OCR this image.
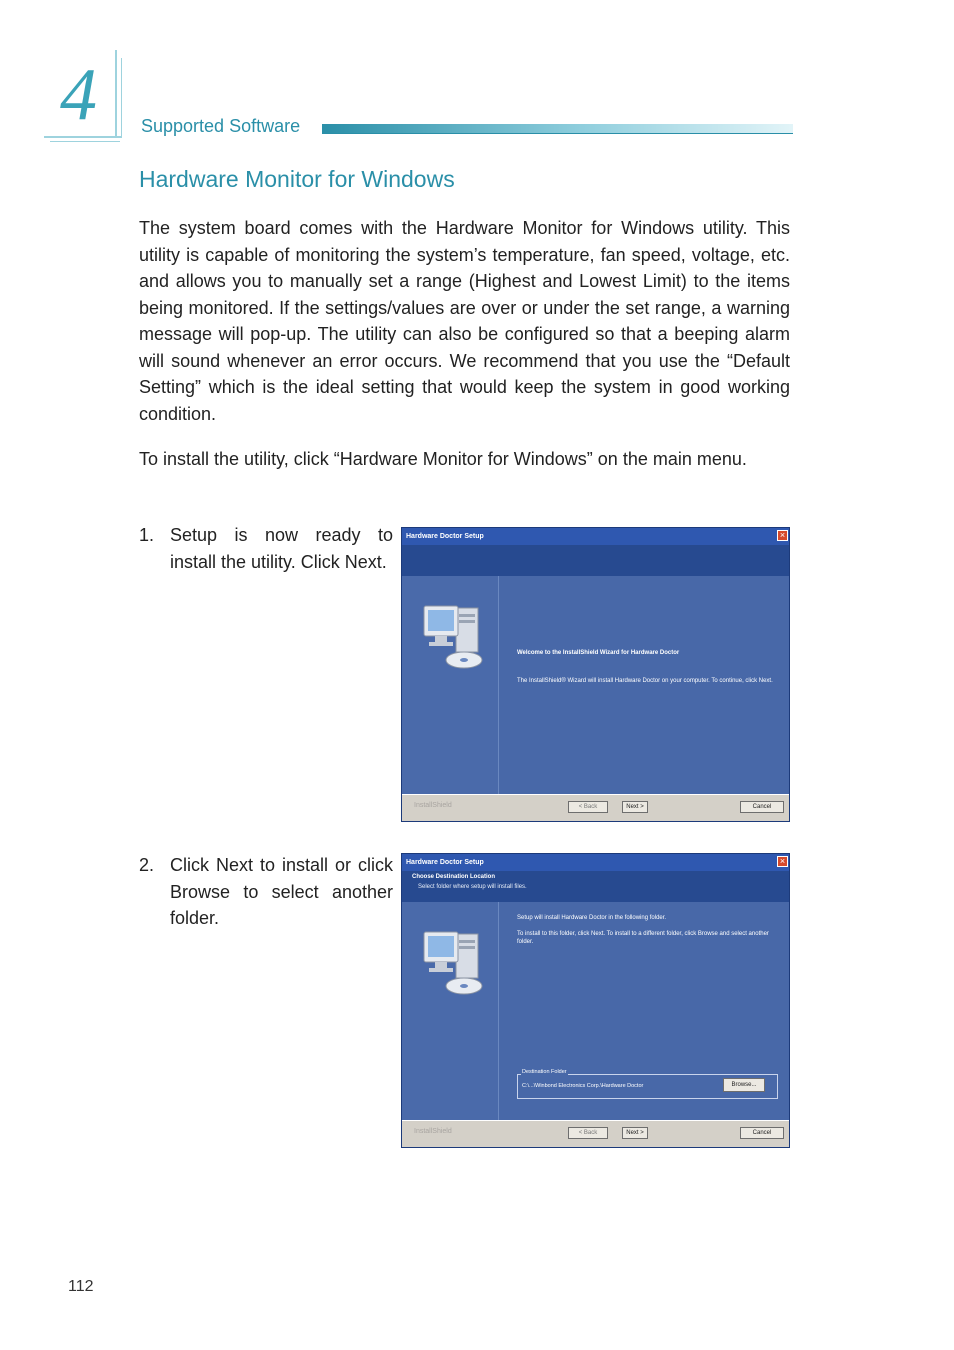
4 Supported Software
Hardware Monitor for Windows

The system board comes with the Hardware Monitor for Windows utility. This utility is capable of monitoring the system’s temperature, fan speed, voltage, etc. and allows you to manually set a range (Highest and Lowest Limit) to the items being monitored. If the settings/values are over or under the set range, a warning message will pop-up. The utility can also be configured so that a beeping alarm will sound whenever an error occurs. We recommend that you use the “Default Setting” which is the ideal setting that would keep the system in good working condition.

To install the utility, click “Hardware Monitor for Windows” on the main menu.

1. Setup is now ready to install the utility. Click Next.
Hardware Doctor Setup	×
Welcome to the InstallShield Wizard for Hardware Doctor
The InstallShield® Wizard will install Hardware Doctor on your computer. To continue, click Next.
InstallShield	< Back	Next >	Cancel
2. Click Next to install or click Browse to select another folder.
Hardware Doctor Setup	×
Choose Destination Location
Select folder where setup will install files.
Setup will install Hardware Doctor in the following folder.
To install to this folder, click Next. To install to a different folder, click Browse and select another folder.
Destination Folder
C:\...\Winbond Electronics Corp.\Hardware Doctor	Browse...
InstallShield	< Back	Next >	Cancel
112
